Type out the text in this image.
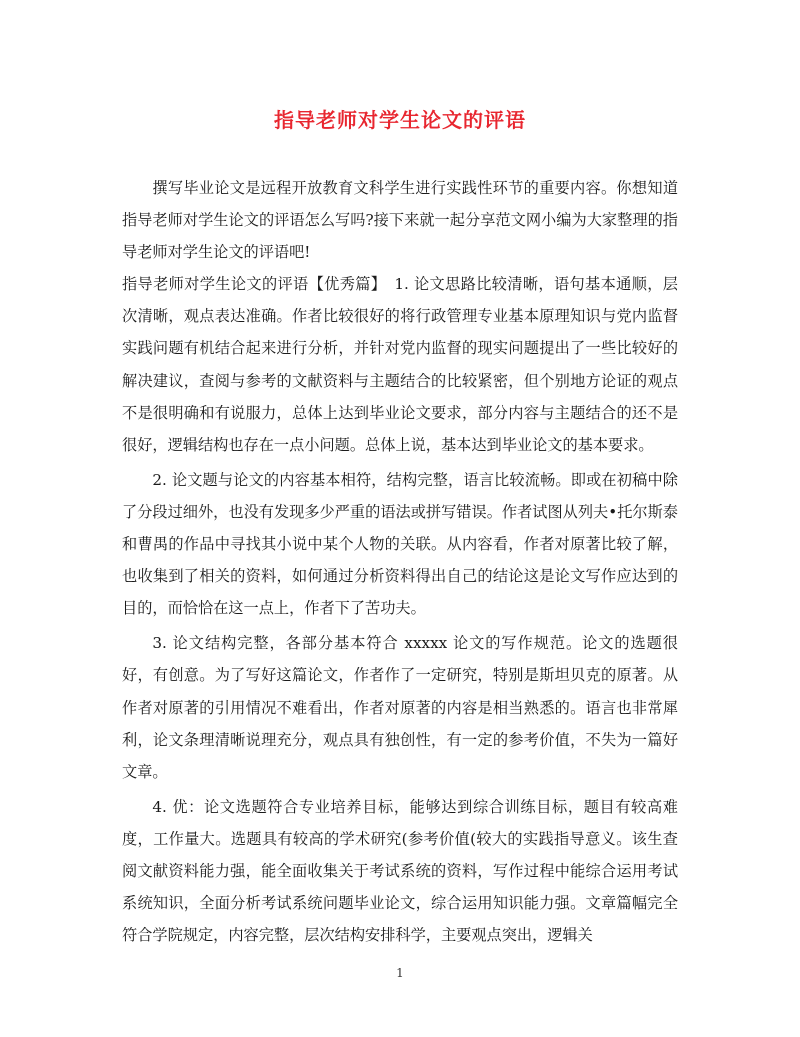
指导老师对学生论文的评语

撰写毕业论文是远程开放教育文科学生进行实践性环节的重要内容。你想知道指导老师对学生论文的评语怎么写吗?接下来就一起分享范文网小编为大家整理的指导老师对学生论文的评语吧!

指导老师对学生论文的评语【优秀篇】　1. 论文思路比较清晰，语句基本通顺，层次清晰，观点表达准确。作者比较很好的将行政管理专业基本原理知识与党内监督实践问题有机结合起来进行分析，并针对党内监督的现实问题提出了一些比较好的解决建议，查阅与参考的文献资料与主题结合的比较紧密，但个别地方论证的观点不是很明确和有说服力，总体上达到毕业论文要求，部分内容与主题结合的还不是很好，逻辑结构也存在一点小问题。总体上说，基本达到毕业论文的基本要求。

2. 论文题与论文的内容基本相符，结构完整，语言比较流畅。即或在初稿中除了分段过细外，也没有发现多少严重的语法或拼写错误。作者试图从列夫•托尔斯泰和曹禺的作品中寻找其小说中某个人物的关联。从内容看，作者对原著比较了解，也收集到了相关的资料，如何通过分析资料得出自己的结论这是论文写作应达到的目的，而恰恰在这一点上，作者下了苦功夫。

3. 论文结构完整，各部分基本符合 xxxxx 论文的写作规范。论文的选题很好，有创意。为了写好这篇论文，作者作了一定研究，特别是斯坦贝克的原著。从作者对原著的引用情况不难看出，作者对原著的内容是相当熟悉的。语言也非常犀利，论文条理清晰说理充分，观点具有独创性，有一定的参考价值，不失为一篇好文章。

4. 优：论文选题符合专业培养目标，能够达到综合训练目标，题目有较高难度，工作量大。选题具有较高的学术研究(参考价值(较大的实践指导意义。该生查阅文献资料能力强，能全面收集关于考试系统的资料，写作过程中能综合运用考试系统知识，全面分析考试系统问题毕业论文，综合运用知识能力强。文章篇幅完全符合学院规定，内容完整，层次结构安排科学，主要观点突出，逻辑关

1
